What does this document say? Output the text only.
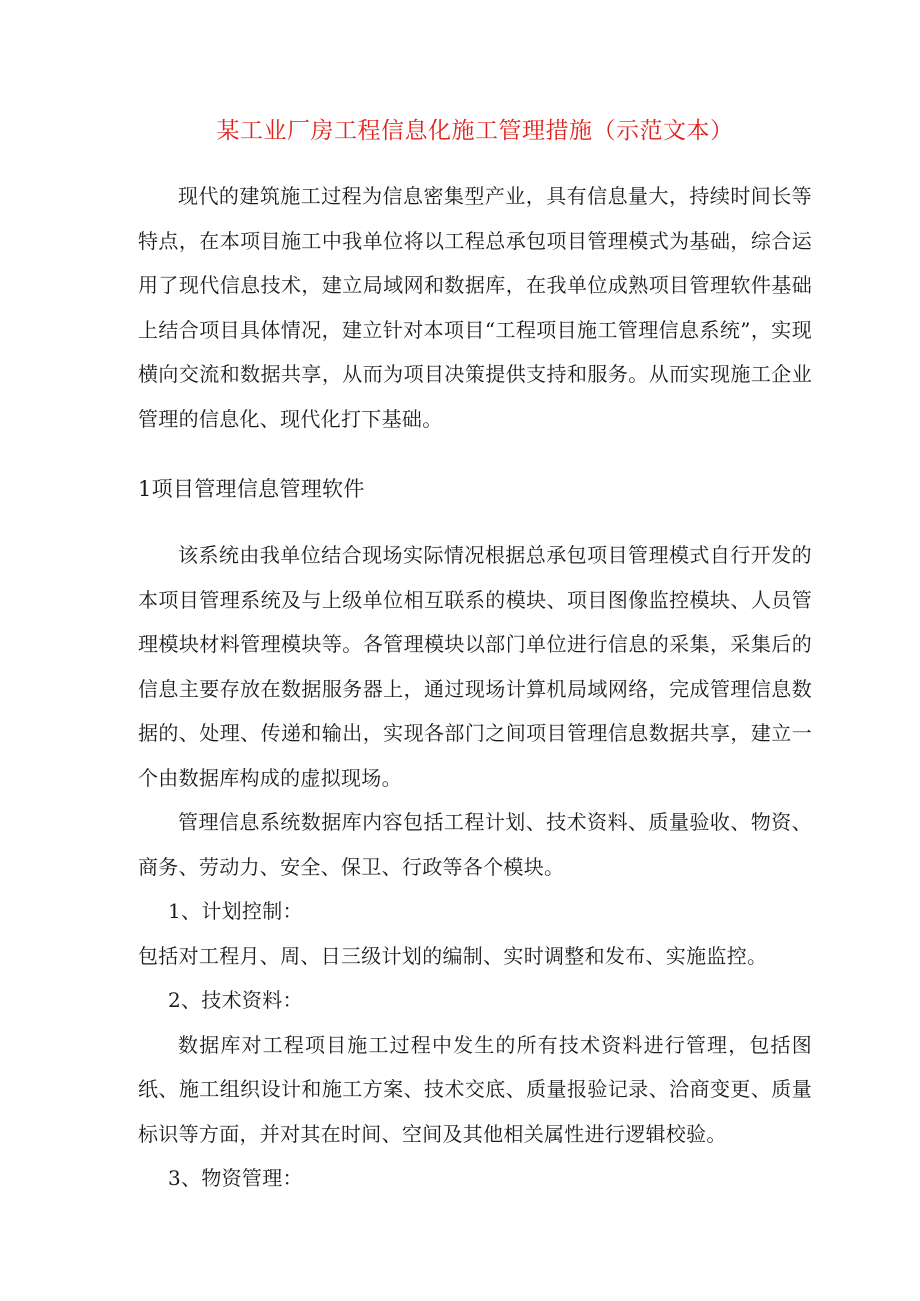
某工业厂房工程信息化施工管理措施（示范文本）

现代的建筑施工过程为信息密集型产业，具有信息量大，持续时间长等特点，在本项目施工中我单位将以工程总承包项目管理模式为基础，综合运用了现代信息技术，建立局域网和数据库，在我单位成熟项目管理软件基础上结合项目具体情况，建立针对本项目“工程项目施工管理信息系统”，实现横向交流和数据共享，从而为项目决策提供支持和服务。从而实现施工企业管理的信息化、现代化打下基础。

1项目管理信息管理软件

该系统由我单位结合现场实际情况根据总承包项目管理模式自行开发的本项目管理系统及与上级单位相互联系的模块、项目图像监控模块、人员管理模块材料管理模块等。各管理模块以部门单位进行信息的采集，采集后的信息主要存放在数据服务器上，通过现场计算机局域网络，完成管理信息数据的、处理、传递和输出，实现各部门之间项目管理信息数据共享，建立一个由数据库构成的虚拟现场。

管理信息系统数据库内容包括工程计划、技术资料、质量验收、物资、商务、劳动力、安全、保卫、行政等各个模块。

1、计划控制：

包括对工程月、周、日三级计划的编制、实时调整和发布、实施监控。

2、技术资料：

数据库对工程项目施工过程中发生的所有技术资料进行管理，包括图纸、施工组织设计和施工方案、技术交底、质量报验记录、洽商变更、质量标识等方面，并对其在时间、空间及其他相关属性进行逻辑校验。

3、物资管理：
